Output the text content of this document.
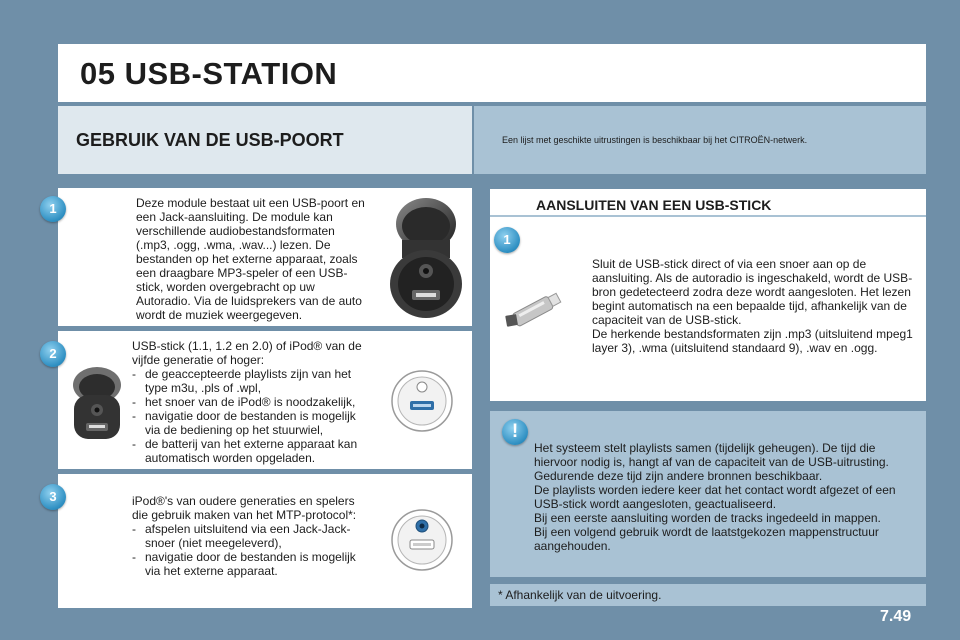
05 USB-STATION
GEBRUIK VAN DE USB-POORT	Een lijst met geschikte uitrustingen is beschikbaar bij het CITROËN-netwerk.
1	Deze module bestaat uit een USB-poort en een Jack-aansluiting. De module kan verschillende audiobestandsformaten (.mp3, .ogg, .wma, .wav...) lezen. De bestanden op het externe apparaat, zoals een draagbare MP3-speler of een USB-stick, worden overgebracht op uw Autoradio. Via de luidsprekers van de auto wordt de muziek weergegeven.
2	USB-stick (1.1, 1.2 en 2.0) of iPod® van de vijfde generatie of hoger:
- de geaccepteerde playlists zijn van het type m3u, .pls of .wpl,
- het snoer van de iPod® is noodzakelijk,
- navigatie door de bestanden is mogelijk via de bediening op het stuurwiel,
- de batterij van het externe apparaat kan automatisch worden opgeladen.
3	iPod®'s van oudere generaties en spelers die gebruik maken van het MTP-protocol*:
- afspelen uitsluitend via een Jack-Jack-snoer (niet meegeleverd),
- navigatie door de bestanden is mogelijk via het externe apparaat.
AANSLUITEN VAN EEN USB-STICK
1
Sluit de USB-stick direct of via een snoer aan op de aansluiting. Als de autoradio is ingeschakeld, wordt de USB-bron gedetecteerd zodra deze wordt aangesloten. Het lezen begint automatisch na een bepaalde tijd, afhankelijk van de capaciteit van de USB-stick.
De herkende bestandsformaten zijn .mp3 (uitsluitend mpeg1 layer 3), .wma (uitsluitend standaard 9), .wav en .ogg.
!
Het systeem stelt playlists samen (tijdelijk geheugen). De tijd die hiervoor nodig is, hangt af van de capaciteit van de USB-uitrusting. Gedurende deze tijd zijn andere bronnen beschikbaar.
De playlists worden iedere keer dat het contact wordt afgezet of een USB-stick wordt aangesloten, geactualiseerd.
Bij een eerste aansluiting worden de tracks ingedeeld in mappen.
Bij een volgend gebruik wordt de laatstgekozen mappenstructuur aangehouden.
* Afhankelijk van de uitvoering.
7.49
